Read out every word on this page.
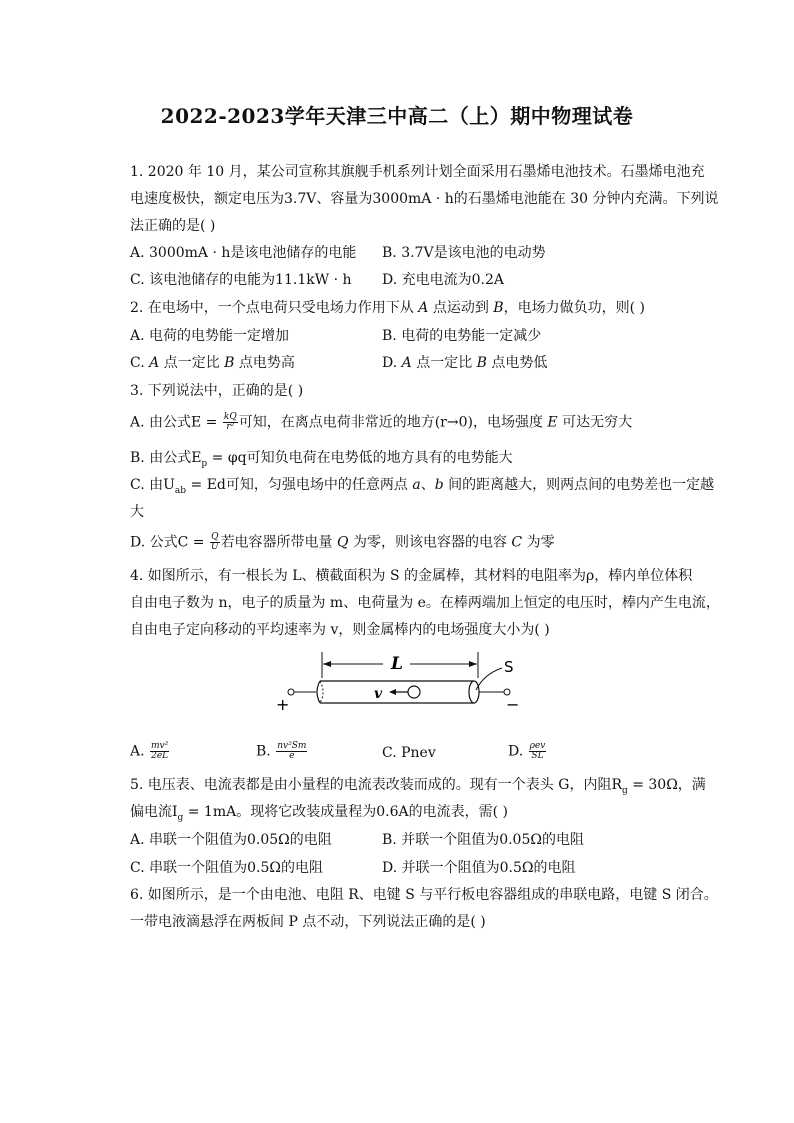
2022-2023学年天津三中高二（上）期中物理试卷
1. 2020 年 10 月，某公司宣称其旗舰手机系列计划全面采用石墨烯电池技术。石墨烯电池充
电速度极快，额定电压为3.7V、容量为3000mA · h的石墨烯电池能在 30 分钟内充满。下列说
法正确的是( )
A. 3000mA · h是该电池储存的电能 B. 3.7V是该电池的电动势
C. 该电池储存的电能为11.1kW · h D. 充电电流为0.2A
2. 在电场中，一个点电荷只受电场力作用下从 A 点运动到 B，电场力做负功，则( )
A. 电荷的电势能一定增加	B. 电荷的电势能一定减少
C. A 点一定比 B 点电势高	D. A 点一定比 B 点电势低
3. 下列说法中，正确的是( )
A. 由公式$E = \frac{kQ}{\text{r²}}$ 可知，在离点电荷非常近的地方(r→0)，电场强度 E 可达无穷大
B. 由公式$E_p = \varphi q$可知负电荷在电势低的地方具有的电势能大
C. 由$U_{ab} = Ed$可知，匀强电场中的任意两点 a、b 间的距离越大，则两点间的电势差也一定越
大
D. 公式$C = \frac{Q}{U}$ 若电容器所带电量 Q 为零，则该电容器的电容 C 为零
4. 如图所示，有一根长为 L、横截面积为 S 的金属棒，其材料的电阻率为ρ，棒内单位体积
自由电子数为 n，电子的质量为 m、电荷量为 e。在棒两端加上恒定的电压时，棒内产生电流，
自由电子定向移动的平均速率为 v，则金属棒内的电场强度大小为( )
L	S
v
+	−
A. $\frac{\text{mv²}}{2eL}$	B. $\frac{\text{nv²Sm}}{e}$	C. Pnev	D. $\frac{\text{ρev}}{SL}$
5. 电压表、电流表都是由小量程的电流表改装而成的。现有一个表头 G，内阻$R_g = 30\Omega$，满
偏电流$I_g = 1mA$。现将它改装成量程为0.6A的电流表，需( )
A. 串联一个阻值为0.05Ω的电阻	B. 并联一个阻值为0.05Ω的电阻
C. 串联一个阻值为0.5Ω的电阻	D. 并联一个阻值为0.5Ω的电阻
6. 如图所示，是一个由电池、电阻 R、电键 S 与平行板电容器组成的串联电路，电键 S 闭合。
一带电液滴悬浮在两板间 P 点不动，下列说法正确的是( )
